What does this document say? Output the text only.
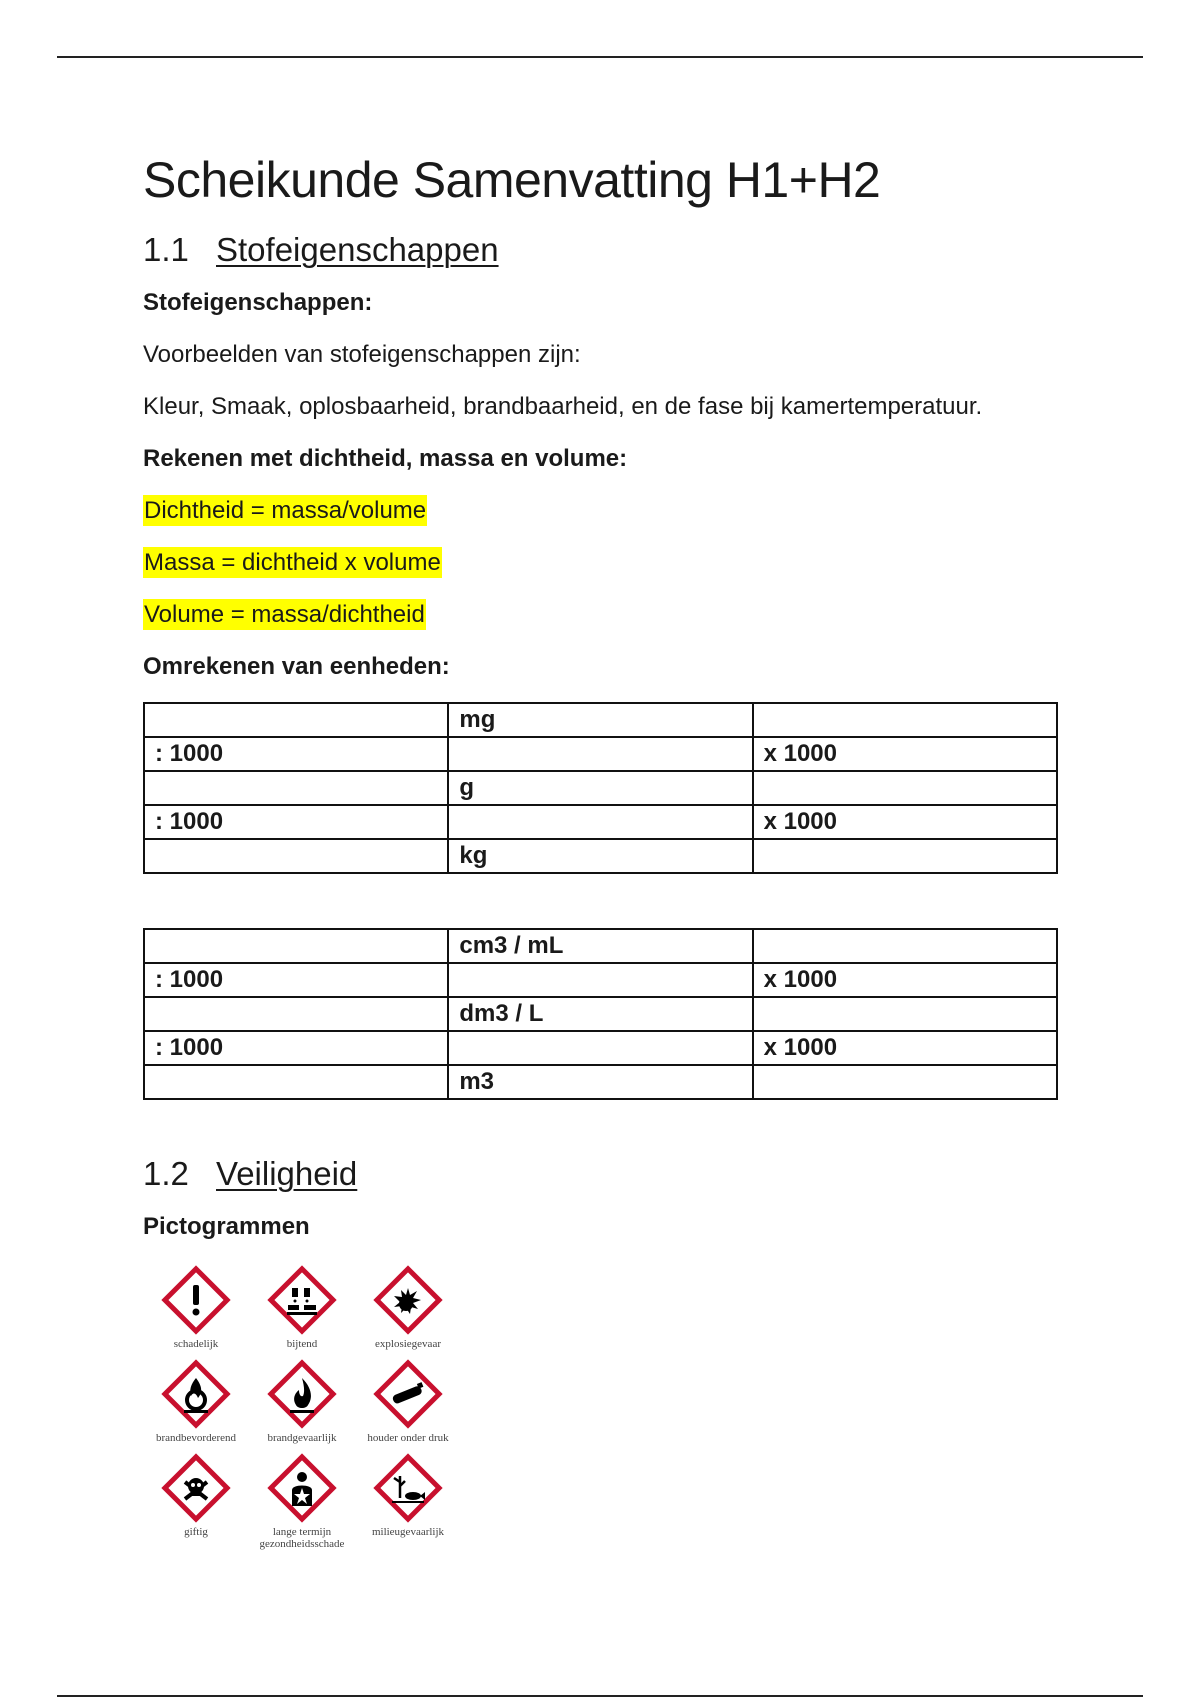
Scheikunde Samenvatting H1+H2
1.1 Stofeigenschappen

Stofeigenschappen:

Voorbeelden van stofeigenschappen zijn:

Kleur, Smaak, oplosbaarheid, brandbaarheid, en de fase bij kamertemperatuur.

Rekenen met dichtheid, massa en volume:

Dichtheid = massa/volume

Massa = dichtheid x volume

Volume = massa/dichtheid

Omrekenen van eenheden:

	mg	
: 1000		x 1000
	g	
: 1000		x 1000
	kg	
	cm3 / mL	
: 1000		x 1000
	dm3 / L	
: 1000		x 1000
	m3	
1.2 Veiligheid

Pictogrammen

schadelijk	bijtend	explosiegevaar
brandbevorderend	brandgevaarlijk	houder onder druk
giftig	lange termijn gezondheidsschade
milieugevaarlijk
